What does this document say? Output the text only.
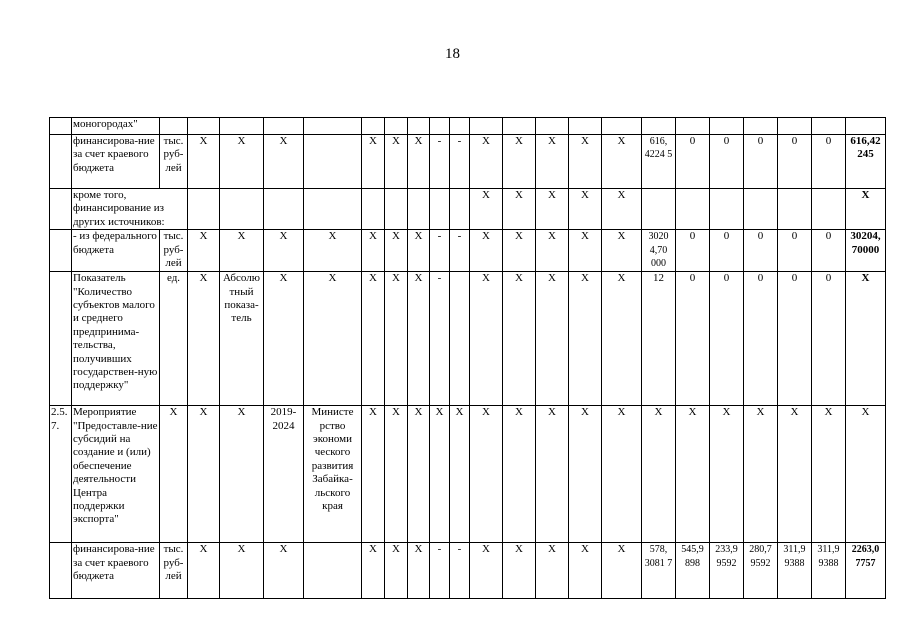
18
	моногородах"																						
	финансирова-ние за счет краевого бюджета	тыс. руб-лей	Х	Х	Х		Х	Х	Х	-	-	Х	Х	Х	Х	Х	616, 4224 5	0	0	0	0	0	616,42 245
	кроме того, финансирование из других источников:											Х	Х	Х	Х	Х							Х
	- из федерального бюджета	тыс. руб-лей	Х	Х	Х	Х	Х	Х	Х	-	-	Х	Х	Х	Х	Х	3020 4,70 000	0	0	0	0	0	30204, 70000
	Показатель "Количество субъектов малого и среднего предпринима-тельства, получивших государствен-ную поддержку"	ед.	Х	Абсолю тный показа-тель	Х	Х	Х	Х	Х	-		Х	Х	Х	Х	Х	12	0	0	0	0	0	Х
2.5. 7.	Мероприятие "Предоставле-ние субсидий на создание и (или) обеспечение деятельности Центра поддержки экспорта"	Х	Х	Х	2019-2024	Министе рство экономи ческого развития Забайка-льского края	Х	Х	Х	Х	Х	Х	Х	Х	Х	Х	Х	Х	Х	Х	Х	Х	Х
	финансирова-ние за счет краевого бюджета	тыс. руб-лей	Х	Х	Х		Х	Х	Х	-	-	Х	Х	Х	Х	Х	578, 3081 7	545,9 898	233,9 9592	280,7 9592	311,9 9388	311,9 9388	2263,0 7757
